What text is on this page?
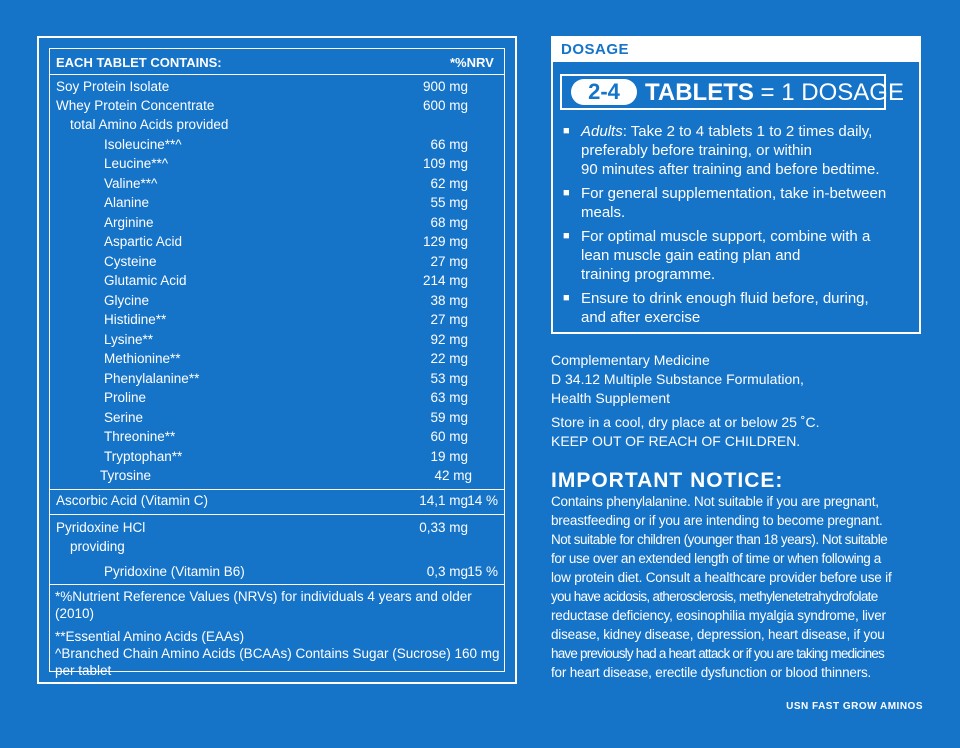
EACH TABLET CONTAINS:	*%NRV
Soy Protein Isolate	900 mg
Whey Protein Concentrate	600 mg
total Amino Acids provided
Isoleucine**^	66 mg
Leucine**^	109 mg
Valine**^	62 mg
Alanine	55 mg
Arginine	68 mg
Aspartic Acid	129 mg
Cysteine	27 mg
Glutamic Acid	214 mg
Glycine	38 mg
Histidine**	27 mg
Lysine**	92 mg
Methionine**	22 mg
Phenylalanine**	53 mg
Proline	63 mg
Serine	59 mg
Threonine**	60 mg
Tryptophan**	19 mg
Tyrosine	42 mg
Ascorbic Acid (Vitamin C)	14,1 mg 14 %
Pyridoxine HCl	0,33 mg
providing
Pyridoxine (Vitamin B6)	0,3 mg 15 %
*%Nutrient Reference Values (NRVs) for individuals 4 years and older
(2010)
**Essential Amino Acids (EAAs)
^Branched Chain Amino Acids (BCAAs) Contains Sugar (Sucrose) 160 mg
per tablet
DOSAGE
2-4	TABLETS = 1 DOSAGE
■ Adults: Take 2 to 4 tablets 1 to 2 times daily,
preferably before training, or within
90 minutes after training and before bedtime.
■ For general supplementation, take in-between
meals.
■ For optimal muscle support, combine with a
lean muscle gain eating plan and
training programme.
■ Ensure to drink enough fluid before, during,
and after exercise
Complementary Medicine
D 34.12 Multiple Substance Formulation,
Health Supplement
Store in a cool, dry place at or below 25 ˚C.
KEEP OUT OF REACH OF CHILDREN.
IMPORTANT NOTICE:
Contains phenylalanine. Not suitable if you are pregnant,
breastfeeding or if you are intending to become pregnant.
Not suitable for children (younger than 18 years). Not suitable
for use over an extended length of time or when following a
low protein diet. Consult a healthcare provider before use if
you have acidosis, atherosclerosis, methylenetetrahydrofolate
reductase deficiency, eosinophilia myalgia syndrome, liver
disease, kidney disease, depression, heart disease, if you
have previously had a heart attack or if you are taking medicines
for heart disease, erectile dysfunction or blood thinners.
USN FAST GROW AMINOS
